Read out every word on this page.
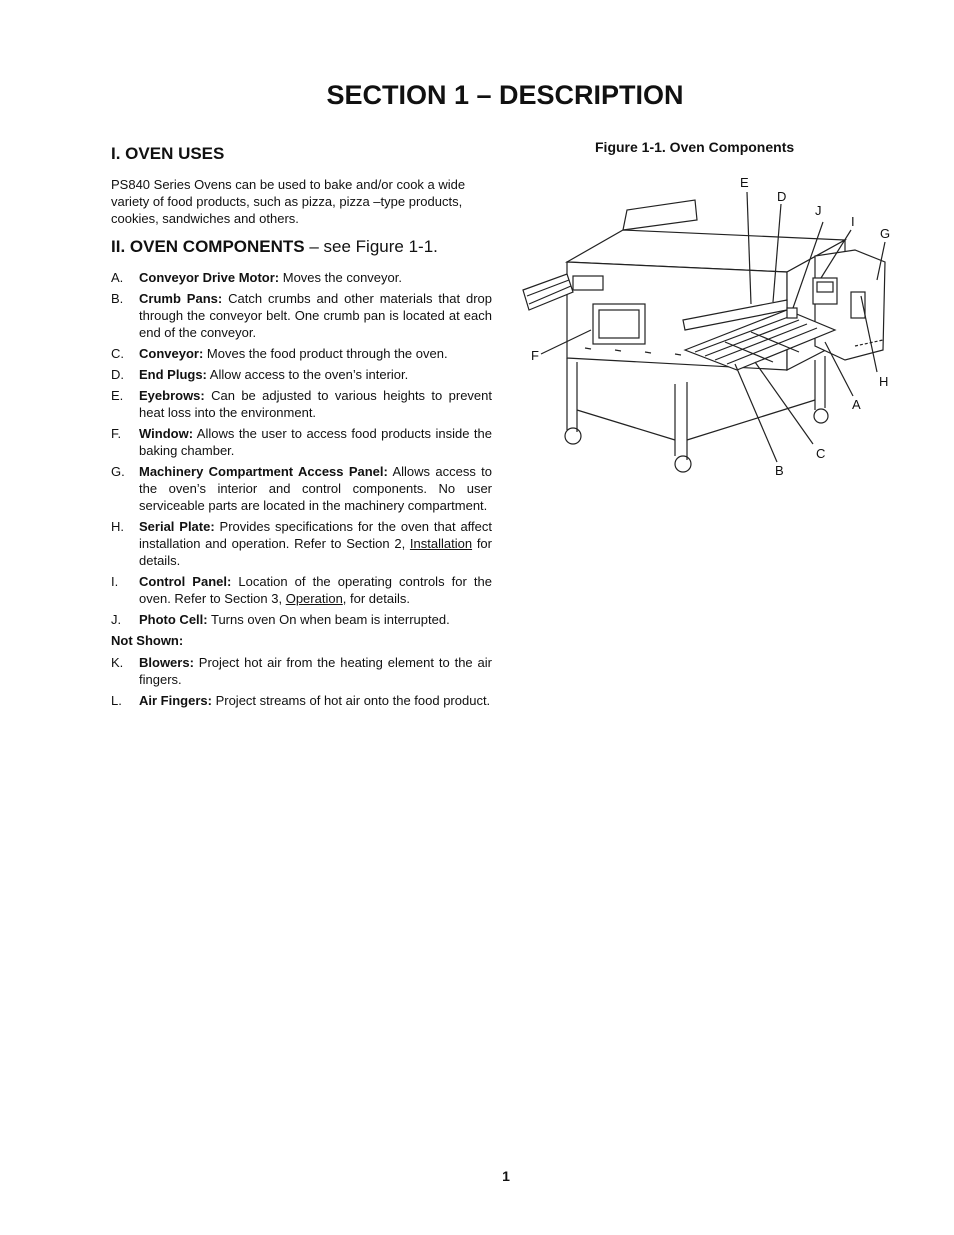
SECTION 1 – DESCRIPTION
I. OVEN USES

PS840 Series Ovens can be used to bake and/or cook a wide variety of food products, such as pizza, pizza –type products, cookies, sandwiches and others.

II. OVEN COMPONENTS – see Figure 1-1.
A. Conveyor Drive Motor: Moves the conveyor.
B. Crumb Pans: Catch crumbs and other materials that drop through the conveyor belt. One crumb pan is located at each end of the conveyor.
C. Conveyor: Moves the food product through the oven.
D. End Plugs: Allow access to the oven’s interior.
E. Eyebrows: Can be adjusted to various heights to prevent heat loss into the environment.
F. Window: Allows the user to access food products inside the baking chamber.
G. Machinery Compartment Access Panel: Allows access to the oven’s interior and control components. No user serviceable parts are located in the machinery compartment.
H. Serial Plate: Provides specifications for the oven that affect installation and operation. Refer to Section 2, Installation for details.
I. Control Panel: Location of the operating controls for the oven. Refer to Section 3, Operation, for details.
J. Photo Cell: Turns oven On when beam is interrupted.
Not Shown:
K. Blowers: Project hot air from the heating element to the air fingers.
L. Air Fingers: Project streams of hot air onto the food product.
Figure 1-1. Oven Components
E
D
J
I
G
F
H
A
C
B
1
